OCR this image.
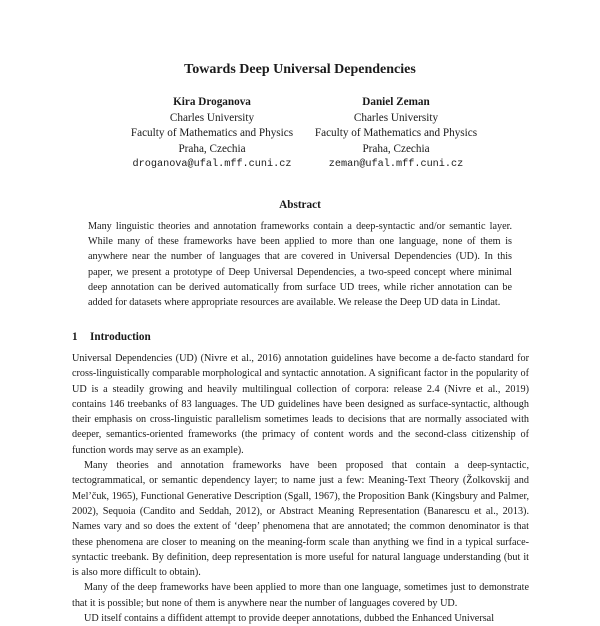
Towards Deep Universal Dependencies
Kira Droganova
Charles University
Faculty of Mathematics and Physics
Praha, Czechia
droganova@ufal.mff.cuni.cz
Daniel Zeman
Charles University
Faculty of Mathematics and Physics
Praha, Czechia
zeman@ufal.mff.cuni.cz
Abstract
Many linguistic theories and annotation frameworks contain a deep-syntactic and/or semantic layer. While many of these frameworks have been applied to more than one language, none of them is anywhere near the number of languages that are covered in Universal Dependencies (UD). In this paper, we present a prototype of Deep Universal Dependencies, a two-speed concept where minimal deep annotation can be derived automatically from surface UD trees, while richer annotation can be added for datasets where appropriate resources are available. We release the Deep UD data in Lindat.
1 Introduction

Universal Dependencies (UD) (Nivre et al., 2016) annotation guidelines have become a de-facto standard for cross-linguistically comparable morphological and syntactic annotation. A significant factor in the popularity of UD is a steadily growing and heavily multilingual collection of corpora: release 2.4 (Nivre et al., 2019) contains 146 treebanks of 83 languages. The UD guidelines have been designed as surface-syntactic, although their emphasis on cross-linguistic parallelism sometimes leads to decisions that are normally associated with deeper, semantics-oriented frameworks (the primacy of content words and the second-class citizenship of function words may serve as an example).

Many theories and annotation frameworks have been proposed that contain a deep-syntactic, tectogrammatical, or semantic dependency layer; to name just a few: Meaning-Text Theory (Žolkovskij and Mel’čuk, 1965), Functional Generative Description (Sgall, 1967), the Proposition Bank (Kingsbury and Palmer, 2002), Sequoia (Candito and Seddah, 2012), or Abstract Meaning Representation (Banarescu et al., 2013). Names vary and so does the extent of ‘deep’ phenomena that are annotated; the common denominator is that these phenomena are closer to meaning on the meaning-form scale than anything we find in a typical surface-syntactic treebank. By definition, deep representation is more useful for natural language understanding (but it is also more difficult to obtain).

Many of the deep frameworks have been applied to more than one language, sometimes just to demonstrate that it is possible; but none of them is anywhere near the number of languages covered by UD.

UD itself contains a diffident attempt to provide deeper annotations, dubbed the Enhanced Universal
